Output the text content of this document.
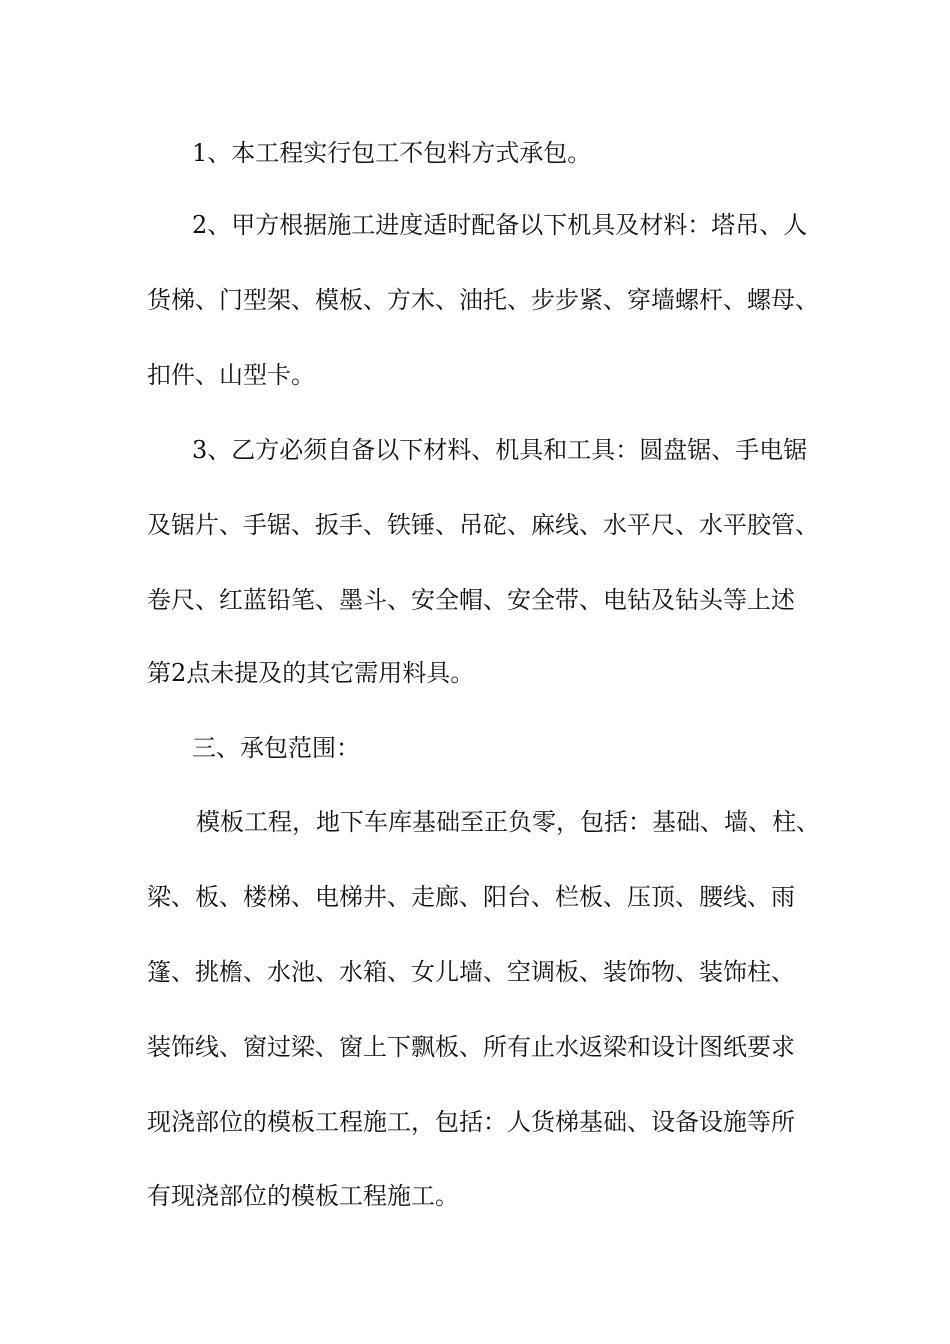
1、本工程实行包工不包料方式承包。
2、甲方根据施工进度适时配备以下机具及材料：塔吊、人
货梯、门型架、模板、方木、油托、步步紧、穿墙螺杆、螺母、
扣件、山型卡。
3、乙方必须自备以下材料、机具和工具：圆盘锯、手电锯
及锯片、手锯、扳手、铁锤、吊砣、麻线、水平尺、水平胶管、
卷尺、红蓝铅笔、墨斗、安全帽、安全带、电钻及钻头等上述
第2点未提及的其它需用料具。
三、承包范围：
模板工程，地下车库基础至正负零，包括：基础、墙、柱、
梁、板、楼梯、电梯井、走廊、阳台、栏板、压顶、腰线、雨
篷、挑檐、水池、水箱、女儿墙、空调板、装饰物、装饰柱、
装饰线、窗过梁、窗上下飘板、所有止水返梁和设计图纸要求
现浇部位的模板工程施工，包括：人货梯基础、设备设施等所
有现浇部位的模板工程施工。
